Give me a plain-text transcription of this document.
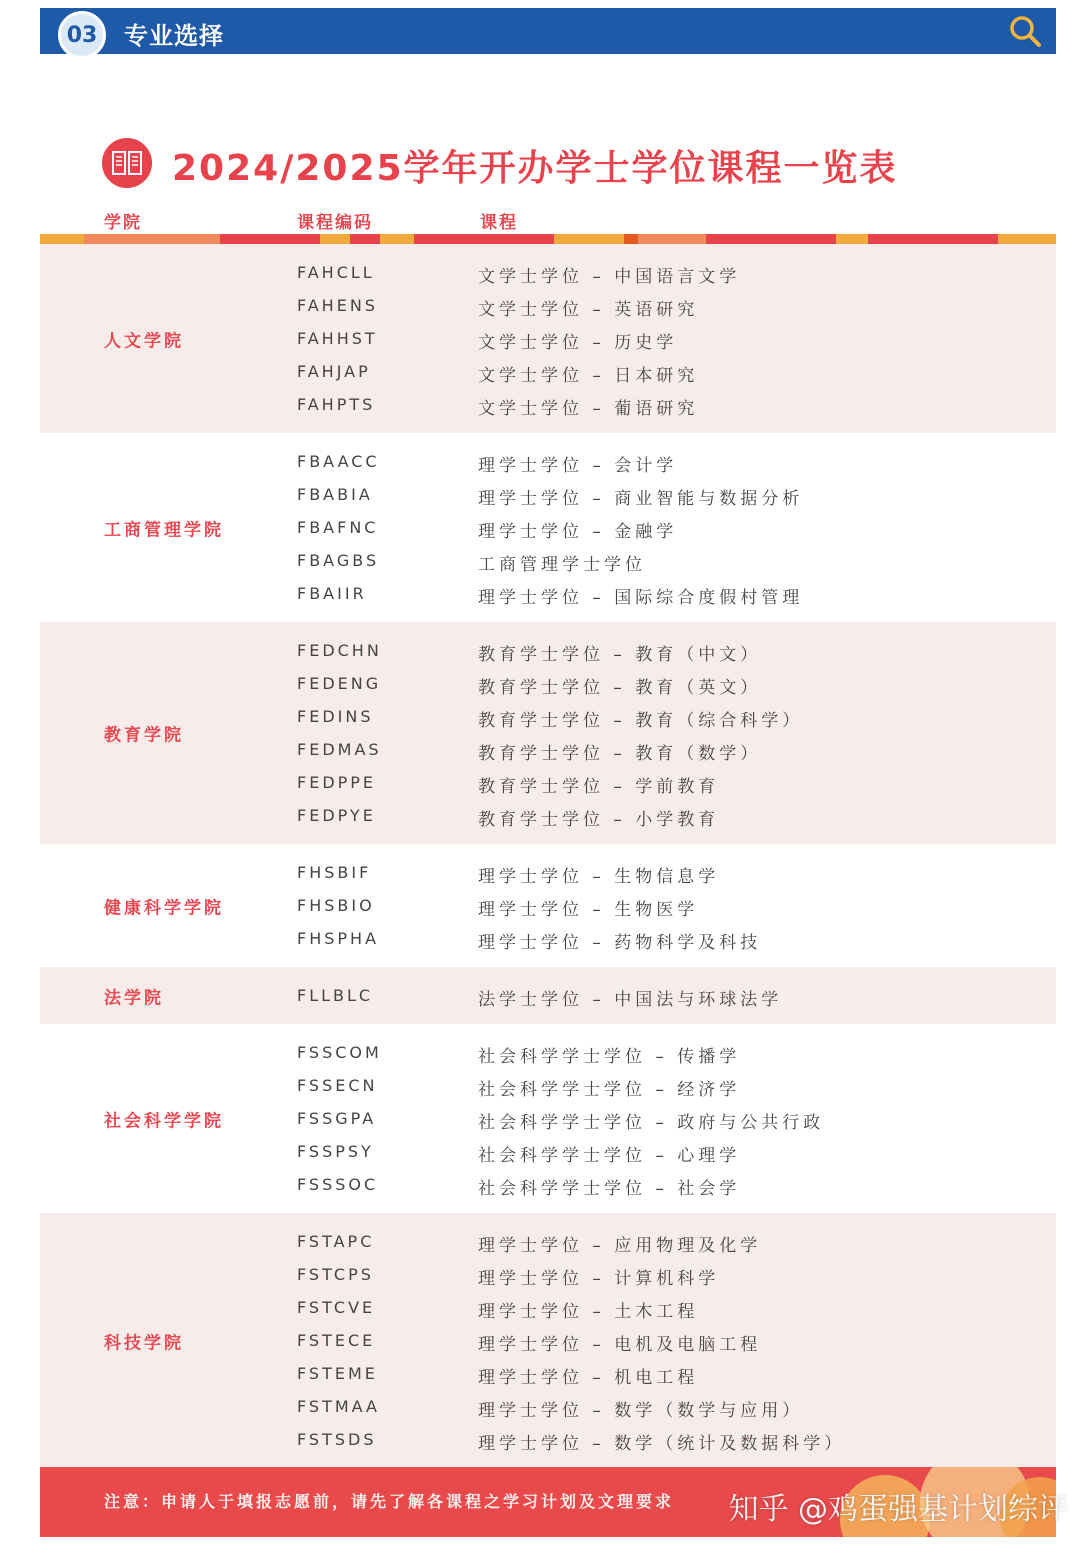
03	专业选择
2024/2025学年开办学士学位课程一览表
学院	课程编码	课程
人文学院
FAHCLL	文学士学位 – 中国语言文学
FAHENS	文学士学位 – 英语研究
FAHHST	文学士学位 – 历史学
FAHJAP	文学士学位 – 日本研究
FAHPTS	文学士学位 – 葡语研究
工商管理学院
FBAACC	理学士学位 – 会计学
FBABIA	理学士学位 – 商业智能与数据分析
FBAFNC	理学士学位 – 金融学
FBAGBS	工商管理学士学位
FBAIIR	理学士学位 – 国际综合度假村管理
教育学院
FEDCHN	教育学士学位 – 教育（中文）
FEDENG	教育学士学位 – 教育（英文）
FEDINS	教育学士学位 – 教育（综合科学）
FEDMAS	教育学士学位 – 教育（数学）
FEDPPE	教育学士学位 – 学前教育
FEDPYE	教育学士学位 – 小学教育
健康科学学院
FHSBIF	理学士学位 – 生物信息学
FHSBIO	理学士学位 – 生物医学
FHSPHA	理学士学位 – 药物科学及科技
法学院	FLLBLC	法学士学位 – 中国法与环球法学
社会科学学院
FSSCOM	社会科学学士学位 – 传播学
FSSECN	社会科学学士学位 – 经济学
FSSGPA	社会科学学士学位 – 政府与公共行政
FSSPSY	社会科学学士学位 – 心理学
FSSSOC	社会科学学士学位 – 社会学
科技学院
FSTAPC	理学士学位 – 应用物理及化学
FSTCPS	理学士学位 – 计算机科学
FSTCVE	理学士学位 – 土木工程
FSTECE	理学士学位 – 电机及电脑工程
FSTEME	理学士学位 – 机电工程
FSTMAA	理学士学位 – 数学（数学与应用）
FSTSDS	理学士学位 – 数学（统计及数据科学）
注意：申请人于填报志愿前，请先了解各课程之学习计划及文理要求 知乎 @鸡蛋强基计划综评
